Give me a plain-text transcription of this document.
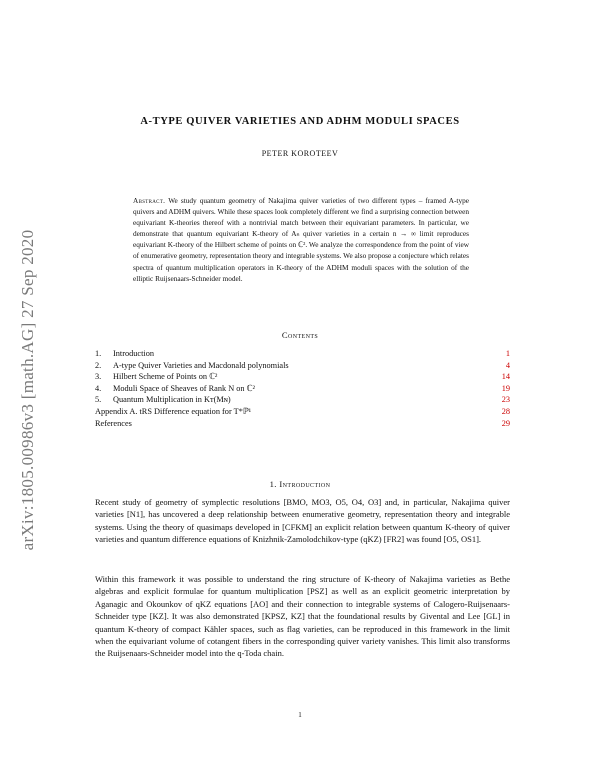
arXiv:1805.00986v3 [math.AG] 27 Sep 2020
A-TYPE QUIVER VARIETIES AND ADHM MODULI SPACES
PETER KOROTEEV
Abstract. We study quantum geometry of Nakajima quiver varieties of two different types – framed A-type quivers and ADHM quivers. While these spaces look completely different we find a surprising connection between equivariant K-theories thereof with a nontrivial match between their equivariant parameters. In particular, we demonstrate that quantum equivariant K-theory of Aₙ quiver varieties in a certain n → ∞ limit reproduces equivariant K-theory of the Hilbert scheme of points on ℂ². We analyze the correspondence from the point of view of enumerative geometry, representation theory and integrable systems. We also propose a conjecture which relates spectra of quantum multiplication operators in K-theory of the ADHM moduli spaces with the solution of the elliptic Ruijsenaars-Schneider model.
Contents
1.	Introduction	1
2.	A-type Quiver Varieties and Macdonald polynomials	4
3.	Hilbert Scheme of Points on ℂ²	14
4.	Moduli Space of Sheaves of Rank N on ℂ²	19
5.	Quantum Multiplication in Kᴛ(Mɴ)	23
Appendix A. tRS Difference equation for T*ℙ¹	28
References	29
1. Introduction
Recent study of geometry of symplectic resolutions [BMO, MO3, O5, O4, O3] and, in particular, Nakajima quiver varieties [N1], has uncovered a deep relationship between enumerative geometry, representation theory and integrable systems. Using the theory of quasimaps developed in [CFKM] an explicit relation between quantum K-theory of quiver varieties and quantum difference equations of Knizhnik-Zamolodchikov-type (qKZ) [FR2] was found [O5, OS1].
Within this framework it was possible to understand the ring structure of K-theory of Nakajima varieties as Bethe algebras and explicit formulae for quantum multiplication [PSZ] as well as an explicit geometric interpretation by Aganagic and Okounkov of qKZ equations [AO] and their connection to integrable systems of Calogero-Ruijsenaars-Schneider type [KZ]. It was also demonstrated [KPSZ, KZ] that the foundational results by Givental and Lee [GL] in quantum K-theory of compact Kähler spaces, such as flag varieties, can be reproduced in this framework in the limit when the equivariant volume of cotangent fibers in the corresponding quiver variety vanishes. This limit also transforms the Ruijsenaars-Schneider model into the q-Toda chain.
1
